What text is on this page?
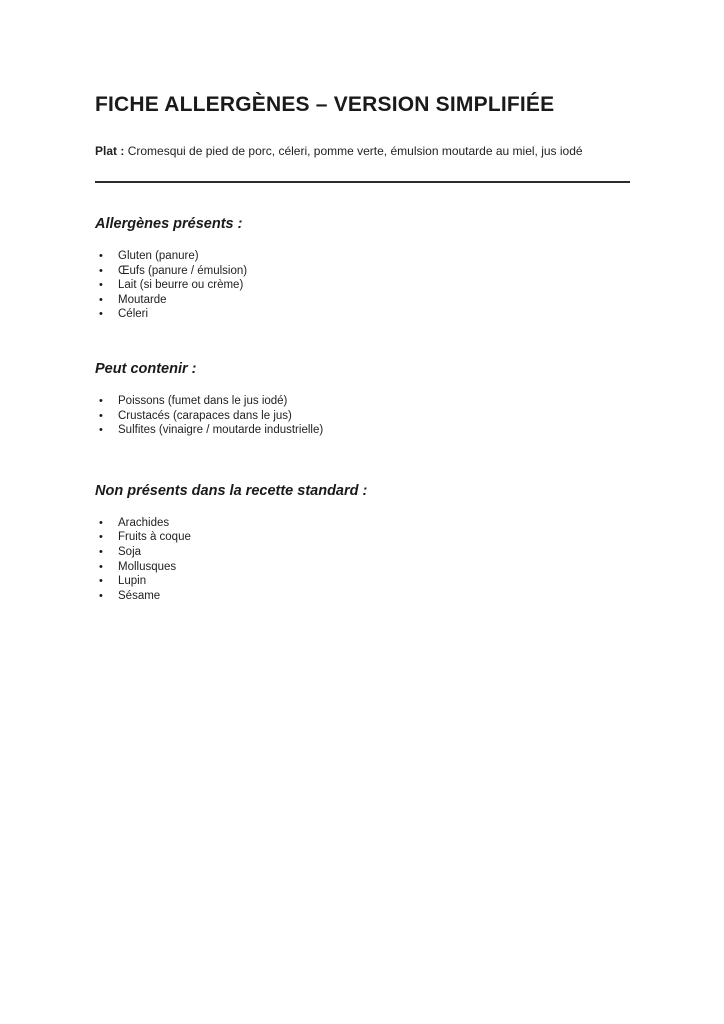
FICHE ALLERGÈNES – VERSION SIMPLIFIÉE

Plat : Cromesqui de pied de porc, céleri, pomme verte, émulsion moutarde au miel, jus iodé

Allergènes présents :
• Gluten (panure)
• Œufs (panure / émulsion)
• Lait (si beurre ou crème)
• Moutarde
• Céleri
Peut contenir :
• Poissons (fumet dans le jus iodé)
• Crustacés (carapaces dans le jus)
• Sulfites (vinaigre / moutarde industrielle)
Non présents dans la recette standard :
• Arachides
• Fruits à coque
• Soja
• Mollusques
• Lupin
• Sésame
